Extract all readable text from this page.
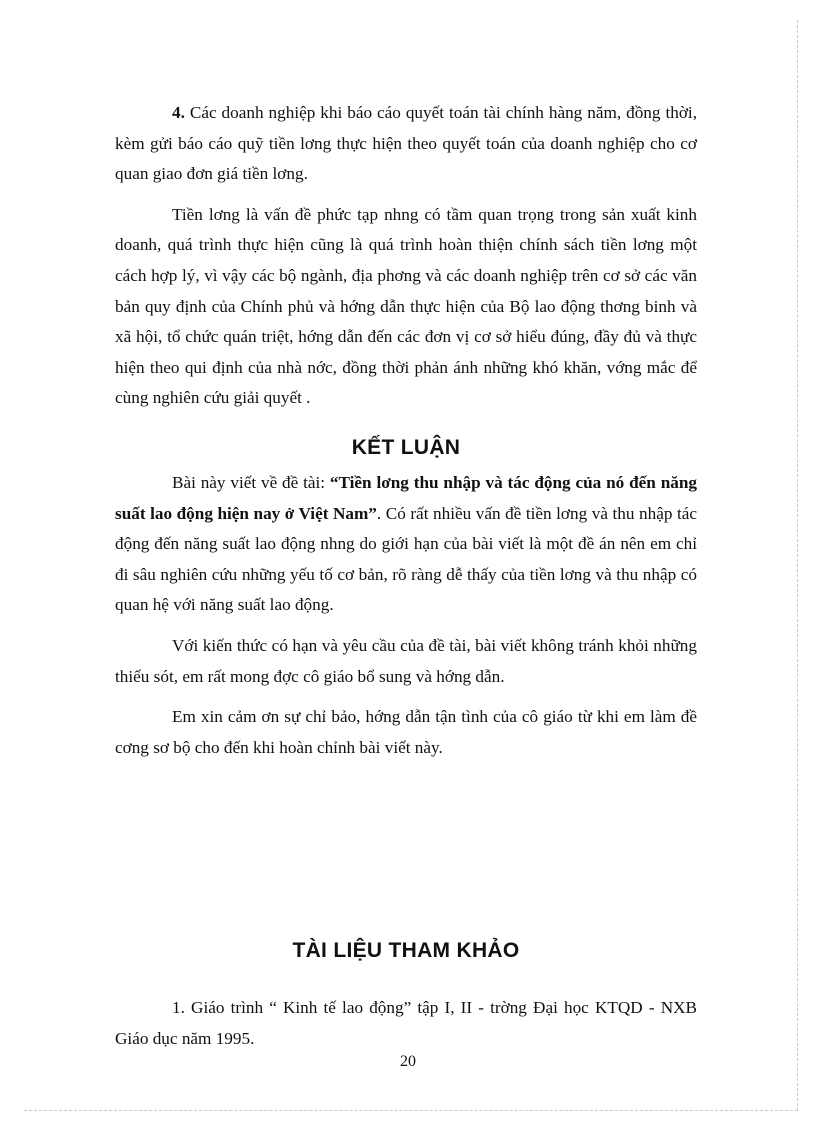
4. Các doanh nghiệp khi báo cáo quyết toán tài chính hàng năm, đồng thời, kèm gửi báo cáo quỹ tiền lơng thực hiện theo quyết toán của doanh nghiệp cho cơ quan giao đơn giá tiền lơng.

Tiền lơng là vấn đề phức tạp nhng có tầm quan trọng trong sản xuất kinh doanh, quá trình thực hiện cũng là quá trình hoàn thiện chính sách tiền lơng một cách hợp lý, vì vậy các bộ ngành, địa phơng và các doanh nghiệp trên cơ sở các văn bản quy định của Chính phủ và hớng dẫn thực hiện của Bộ lao động thơng binh và xã hội, tổ chức quán triệt, hớng dẫn đến các đơn vị cơ sở hiểu đúng, đầy đủ và thực hiện theo qui định của nhà nớc, đồng thời phản ánh những khó khăn, vớng mắc để cùng nghiên cứu giải quyết .

KẾT LUẬN

Bài này viết về đề tài: “Tiền lơng thu nhập và tác động của nó đến năng suất lao động hiện nay ở Việt Nam”. Có rất nhiều vấn đề tiền lơng và thu nhập tác động đến năng suất lao động nhng do giới hạn của bài viết là một đề án nên em chỉ đi sâu nghiên cứu những yếu tố cơ bản, rõ ràng dễ thấy của tiền lơng và thu nhập có quan hệ với năng suất lao động.

Với kiến thức có hạn và yêu cầu của đề tài, bài viết không tránh khỏi những thiếu sót, em rất mong đợc cô giáo bổ sung và hớng dẫn.

Em xin cảm ơn sự chỉ bảo, hớng dẫn tận tình của cô giáo từ khi em làm đề cơng sơ bộ cho đến khi hoàn chỉnh bài viết này.

TÀI LIỆU THAM KHẢO

1. Giáo trình “ Kinh tế lao động” tập I, II - trờng Đại học KTQD - NXB Giáo dục năm 1995.

20
